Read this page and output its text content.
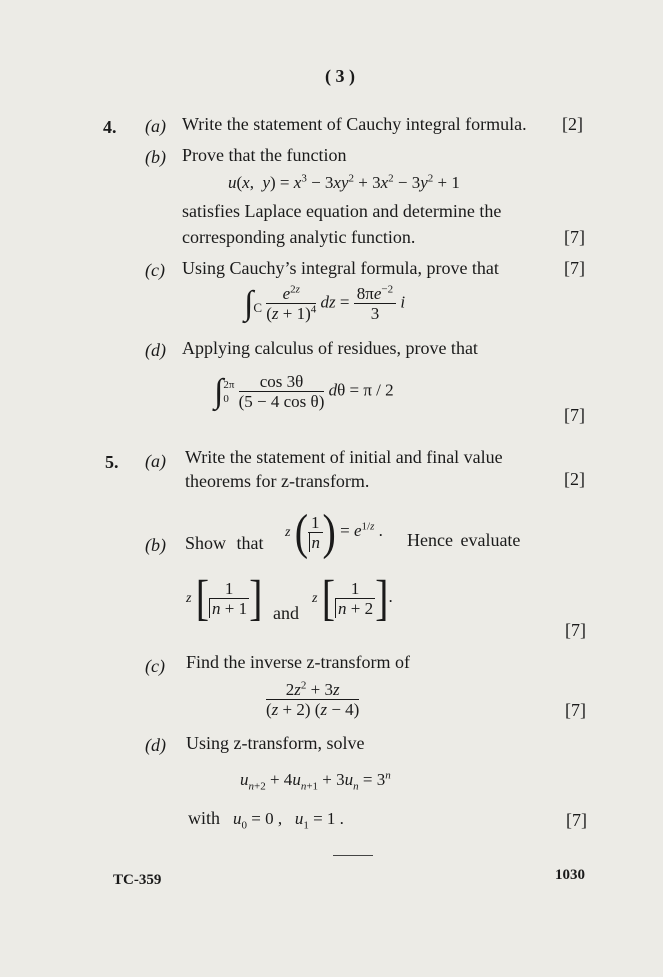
( 3 )
4. (a) Write the statement of Cauchy integral formula. [2]
(b) Prove that the function
u(x,  $y) = x^3 - 3xy^2 + 3x^2 - 3y^2 + 1$
satisfies Laplace equation and determine the
corresponding analytic function.	[7]
(c) Using Cauchy’s integral formula, prove that	[7]
$\int_C \frac{e^{2z}}{(z + 1)^4}$ dz = $\frac{8\pi e^{-2}}{3}$ i
(d) Applying calculus of residues, prove that
∫ 2π
0
$\frac{\cos 3\theta}{\text{(5 − 4 cos θ)}}$ dθ = π / 2
[7]
5. (a) Write the statement of initial and final value
theorems for z-transform.	[2]
(b) Show that
z ( $\frac{1}{n}$ ) = $e^{1/z}$ . Hence evaluate
z [ $\frac{1}{n + 1}$ ] and
z [ $\frac{1}{n + 2}$ ].
[7]
(c) Find the inverse z-transform of
$\frac{2z^2 + 3z}{(z + 2) (z - 4)}$	[7]
(d) Using z-transform, solve
$u_{n+2} + 4u_{n+1} + 3u_n = 3^n$
with $u_0 = 0$ ,   $u_1 = 1$ .	[7]
TC-359	1030
